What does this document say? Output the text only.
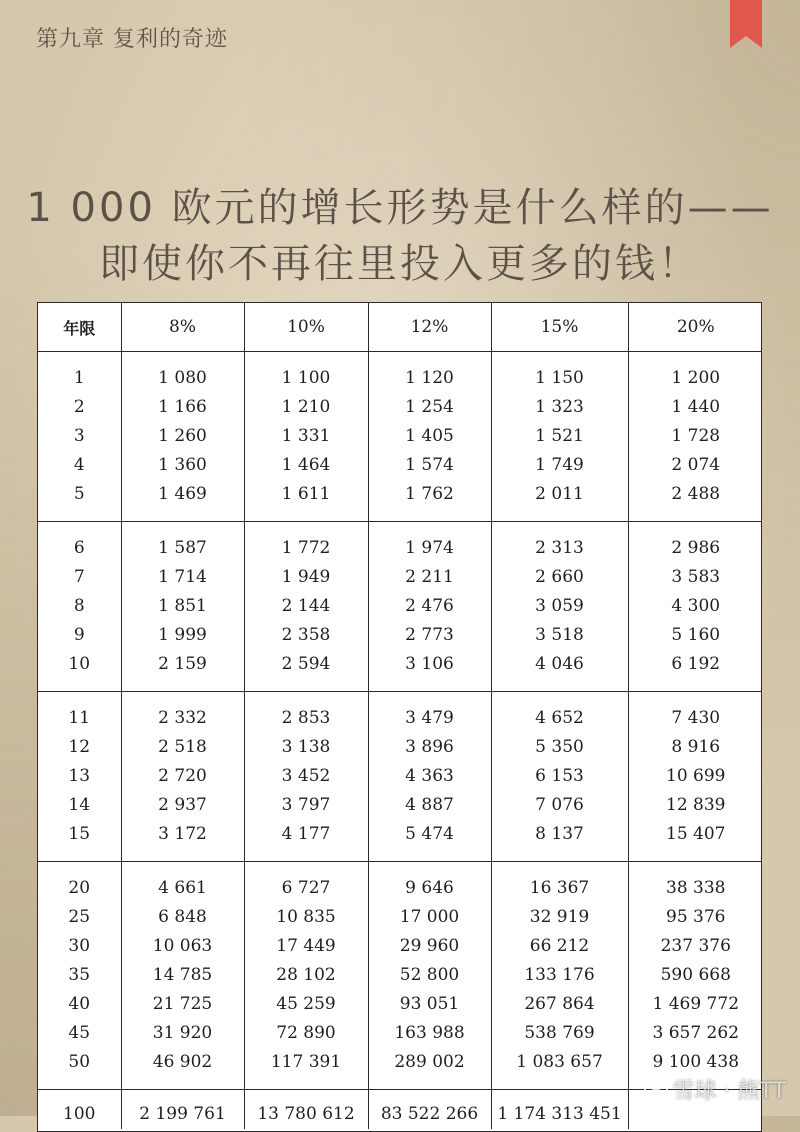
第九章 复利的奇迹
1 000 欧元的增长形势是什么样的——
即使你不再往里投入更多的钱！
年限	8%	10%	12%	15%	20%
1	1 080	1 100	1 120	1 150	1 200
2	1 166	1 210	1 254	1 323	1 440
3	1 260	1 331	1 405	1 521	1 728
4	1 360	1 464	1 574	1 749	2 074
5	1 469	1 611	1 762	2 011	2 488
6	1 587	1 772	1 974	2 313	2 986
7	1 714	1 949	2 211	2 660	3 583
8	1 851	2 144	2 476	3 059	4 300
9	1 999	2 358	2 773	3 518	5 160
10	2 159	2 594	3 106	4 046	6 192
11	2 332	2 853	3 479	4 652	7 430
12	2 518	3 138	3 896	5 350	8 916
13	2 720	3 452	4 363	6 153	10 699
14	2 937	3 797	4 887	7 076	12 839
15	3 172	4 177	5 474	8 137	15 407
20	4 661	6 727	9 646	16 367	38 338
25	6 848	10 835	17 000	32 919	95 376
30	10 063	17 449	29 960	66 212	237 376
35	14 785	28 102	52 800	133 176	590 668
40	21 725	45 259	93 051	267 864	1 469 772
45	31 920	72 890	163 988	538 769	3 657 262
50	46 902	117 391	289 002	1 083 657	9 100 438
100	2 199 761	13 780 612	83 522 266	1 174 313 451	
雪球 · 熊TT
